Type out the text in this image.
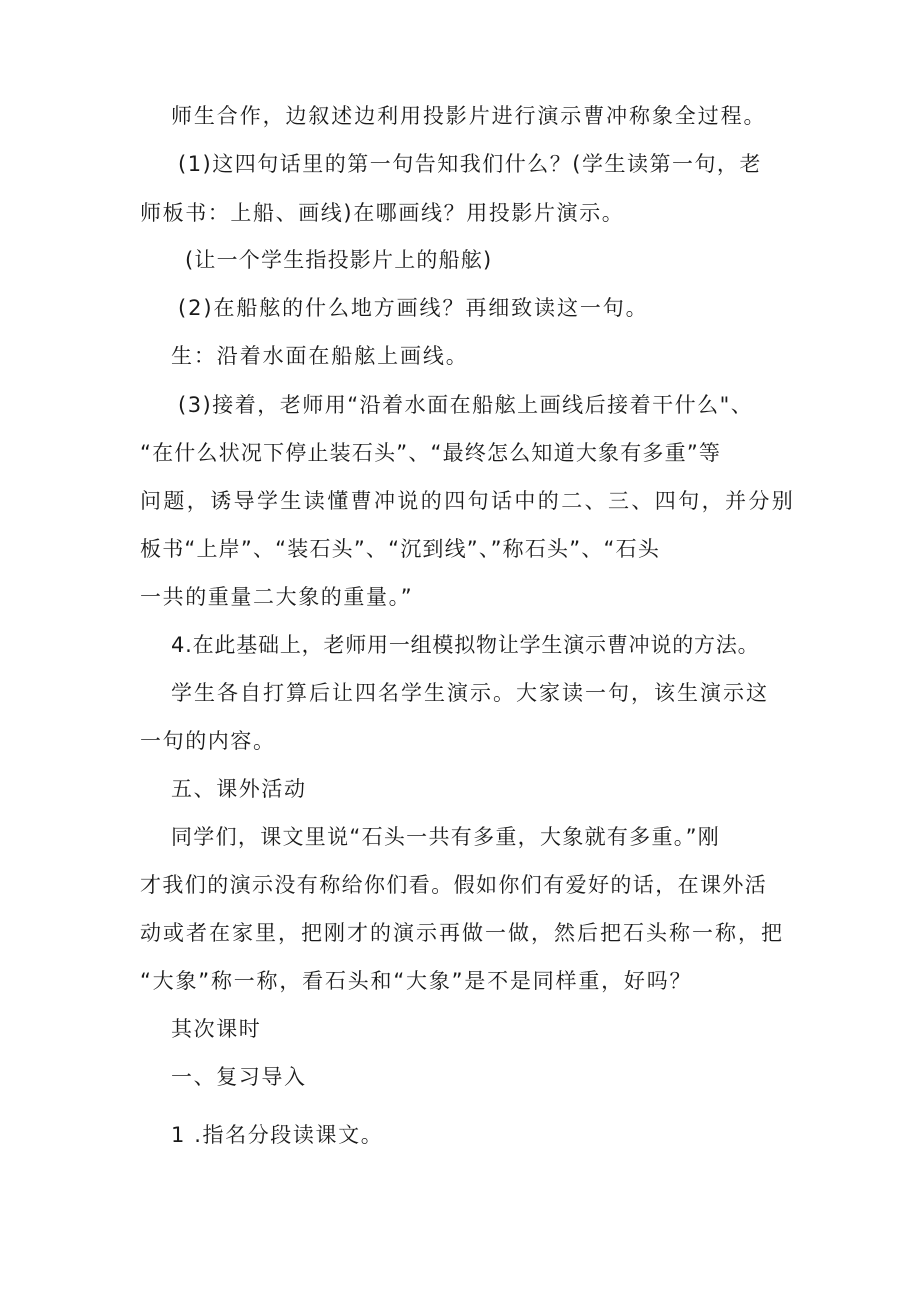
师生合作，边叙述边利用投影片进行演示曹冲称象全过程。
(1)这四句话里的第一句告知我们什么？(学生读第一句，老
师板书：上船、画线)在哪画线？用投影片演示。
(让一个学生指投影片上的船舷)
(2)在船舷的什么地方画线？再细致读这一句。
生：沿着水面在船舷上画线。
(3)接着，老师用“沿着水面在船舷上画线后接着干什么"、
“在什么状况下停止装石头”、“最终怎么知道大象有多重”等
问题，诱导学生读懂曹冲说的四句话中的二、三、四句，并分别
板书“上岸”、“装石头”、“沉到线”、”称石头”、“石头
一共的重量二大象的重量。”
4.在此基础上，老师用一组模拟物让学生演示曹冲说的方法。
学生各自打算后让四名学生演示。大家读一句，该生演示这
一句的内容。
五、课外活动
同学们，课文里说“石头一共有多重，大象就有多重。”刚
才我们的演示没有称给你们看。假如你们有爱好的话，在课外活
动或者在家里，把刚才的演示再做一做，然后把石头称一称，把
“大象”称一称，看石头和“大象”是不是同样重，好吗？
其次课时
一、复习导入
1 .指名分段读课文。
